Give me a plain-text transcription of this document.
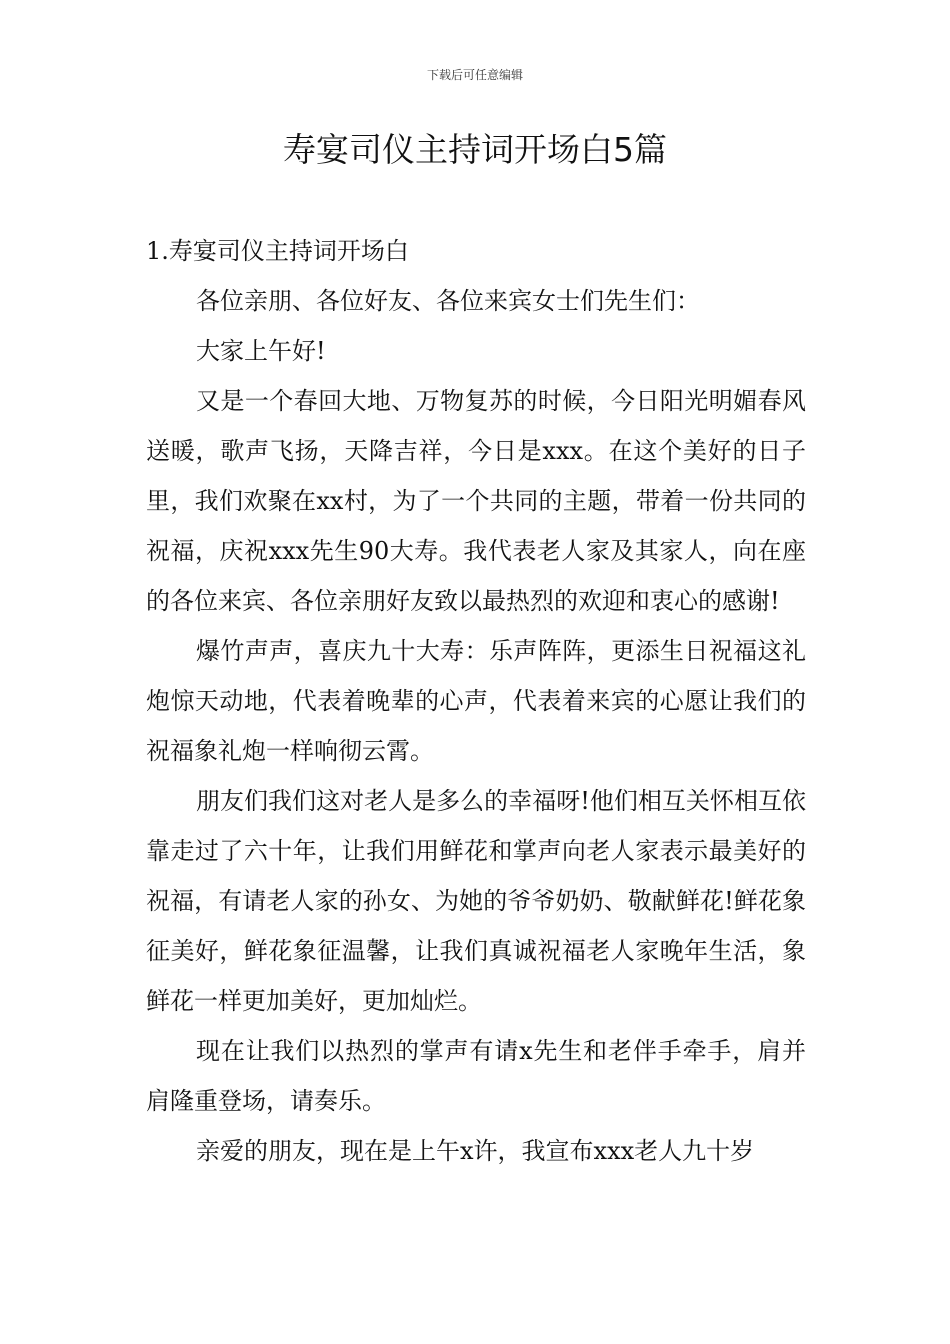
下载后可任意编辑
寿宴司仪主持词开场白5篇

1.寿宴司仪主持词开场白

各位亲朋、各位好友、各位来宾女士们先生们：

大家上午好!

又是一个春回大地、万物复苏的时候，今日阳光明媚春风送暖，歌声飞扬，天降吉祥，今日是xxx。在这个美好的日子里，我们欢聚在xx村，为了一个共同的主题，带着一份共同的祝福，庆祝xxx先生90大寿。我代表老人家及其家人，向在座的各位来宾、各位亲朋好友致以最热烈的欢迎和衷心的感谢!

爆竹声声，喜庆九十大寿：乐声阵阵，更添生日祝福这礼炮惊天动地，代表着晚辈的心声，代表着来宾的心愿让我们的祝福象礼炮一样响彻云霄。

朋友们我们这对老人是多么的幸福呀!他们相互关怀相互依靠走过了六十年，让我们用鲜花和掌声向老人家表示最美好的祝福，有请老人家的孙女、为她的爷爷奶奶、敬献鲜花!鲜花象征美好，鲜花象征温馨，让我们真诚祝福老人家晚年生活，象鲜花一样更加美好，更加灿烂。

现在让我们以热烈的掌声有请x先生和老伴手牵手，肩并肩隆重登场，请奏乐。

亲爱的朋友，现在是上午x许，我宣布xxx老人九十岁
